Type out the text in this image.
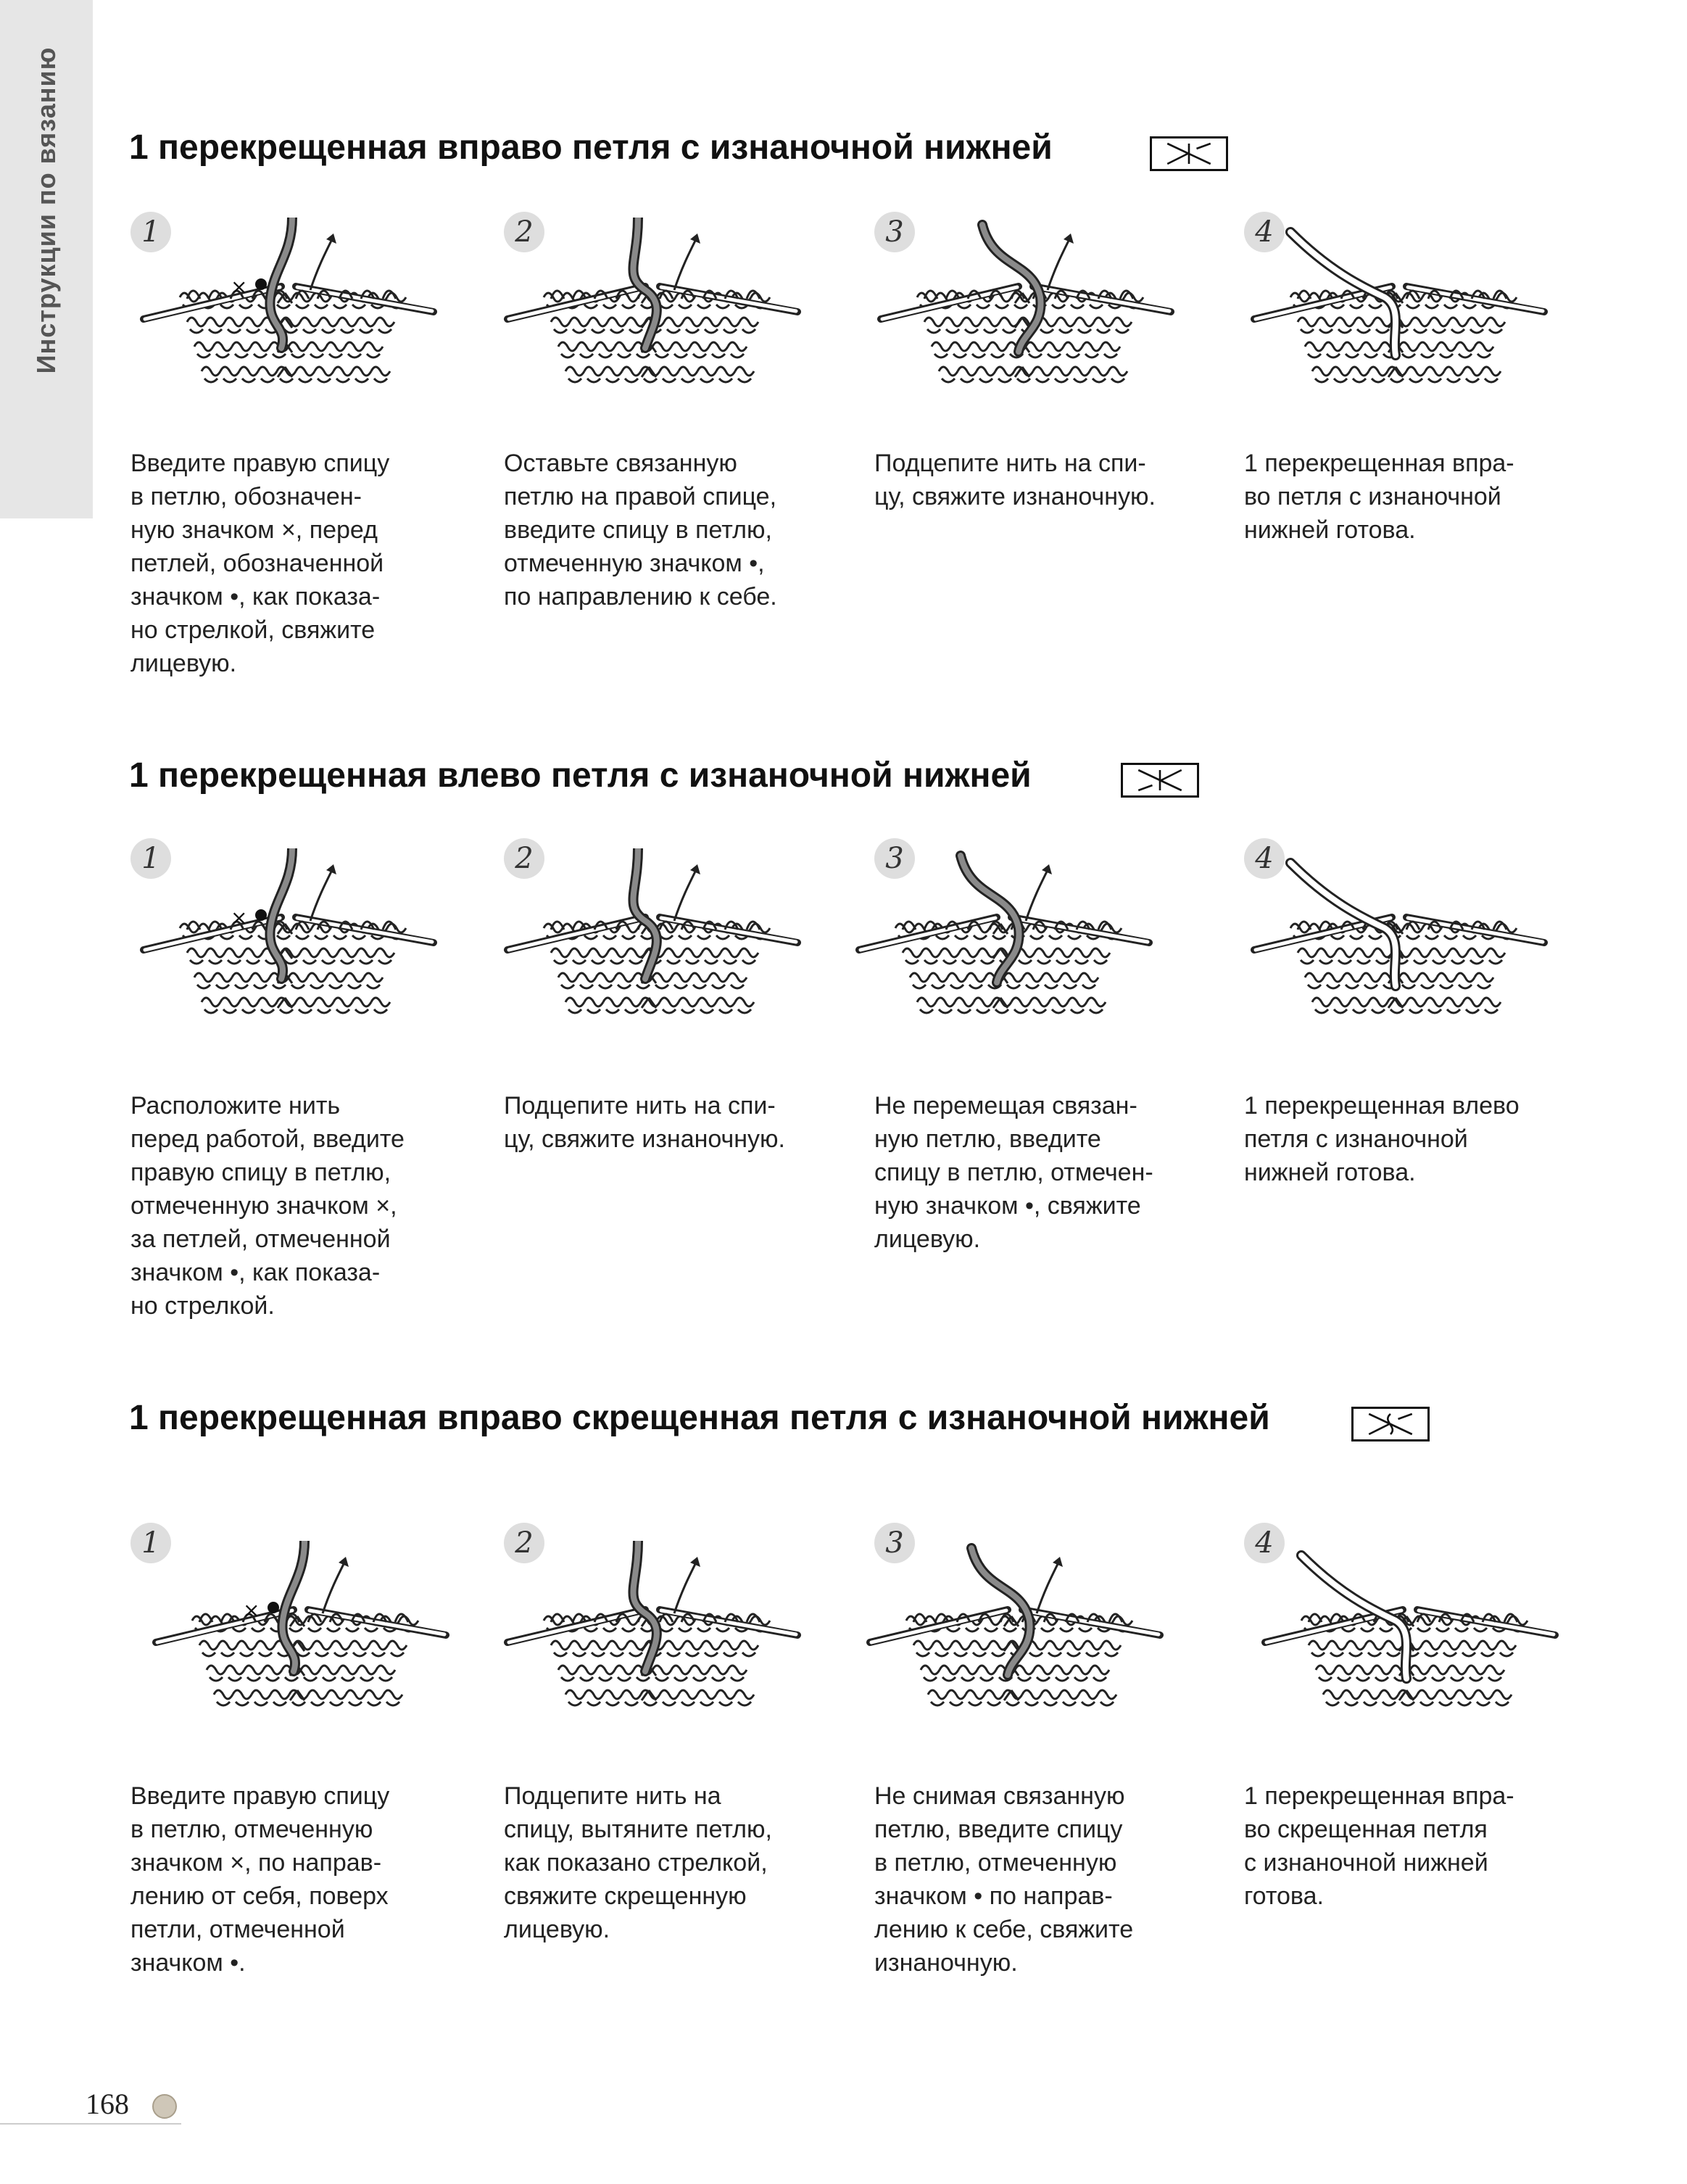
Инструкции по вязанию 1 перекрещенная вправо петля с изнаночной нижней
1
×
Введите правую спицу
в петлю, обозначен-
ную значком ×, перед
петлей, обозначенной
значком •, как показа-
но стрелкой, свяжите
лицевую.
2
Оставьте связанную
петлю на правой спице,
введите спицу в петлю,
отмеченную значком •,
по направлению к себе.
3
Подцепите нить на спи-
цу, свяжите изнаночную.
4
1 перекрещенная впра-
во петля с изнаночной
нижней готова.
1 перекрещенная влево петля с изнаночной нижней
1
×
Расположите нить
перед работой, введите
правую спицу в петлю,
отмеченную значком ×,
за петлей, отмеченной
значком •, как показа-
но стрелкой.
2
Подцепите нить на спи-
цу, свяжите изнаночную.
3
Не перемещая связан-
ную петлю, введите
спицу в петлю, отмечен-
ную значком •, свяжите
лицевую.
4
1 перекрещенная влево
петля с изнаночной
нижней готова.
1 перекрещенная вправо скрещенная петля с изнаночной нижней
1
×
Введите правую спицу
в петлю, отмеченную
значком ×, по направ-
лению от себя, поверх
петли, отмеченной
значком •.
2
Подцепите нить на
спицу, вытяните петлю,
как показано стрелкой,
свяжите скрещенную
лицевую.
3
Не снимая связанную
петлю, введите спицу
в петлю, отмеченную
значком • по направ-
лению к себе, свяжите
изнаночную.
4
1 перекрещенная впра-
во скрещенная петля
с изнаночной нижней
готова.
168
